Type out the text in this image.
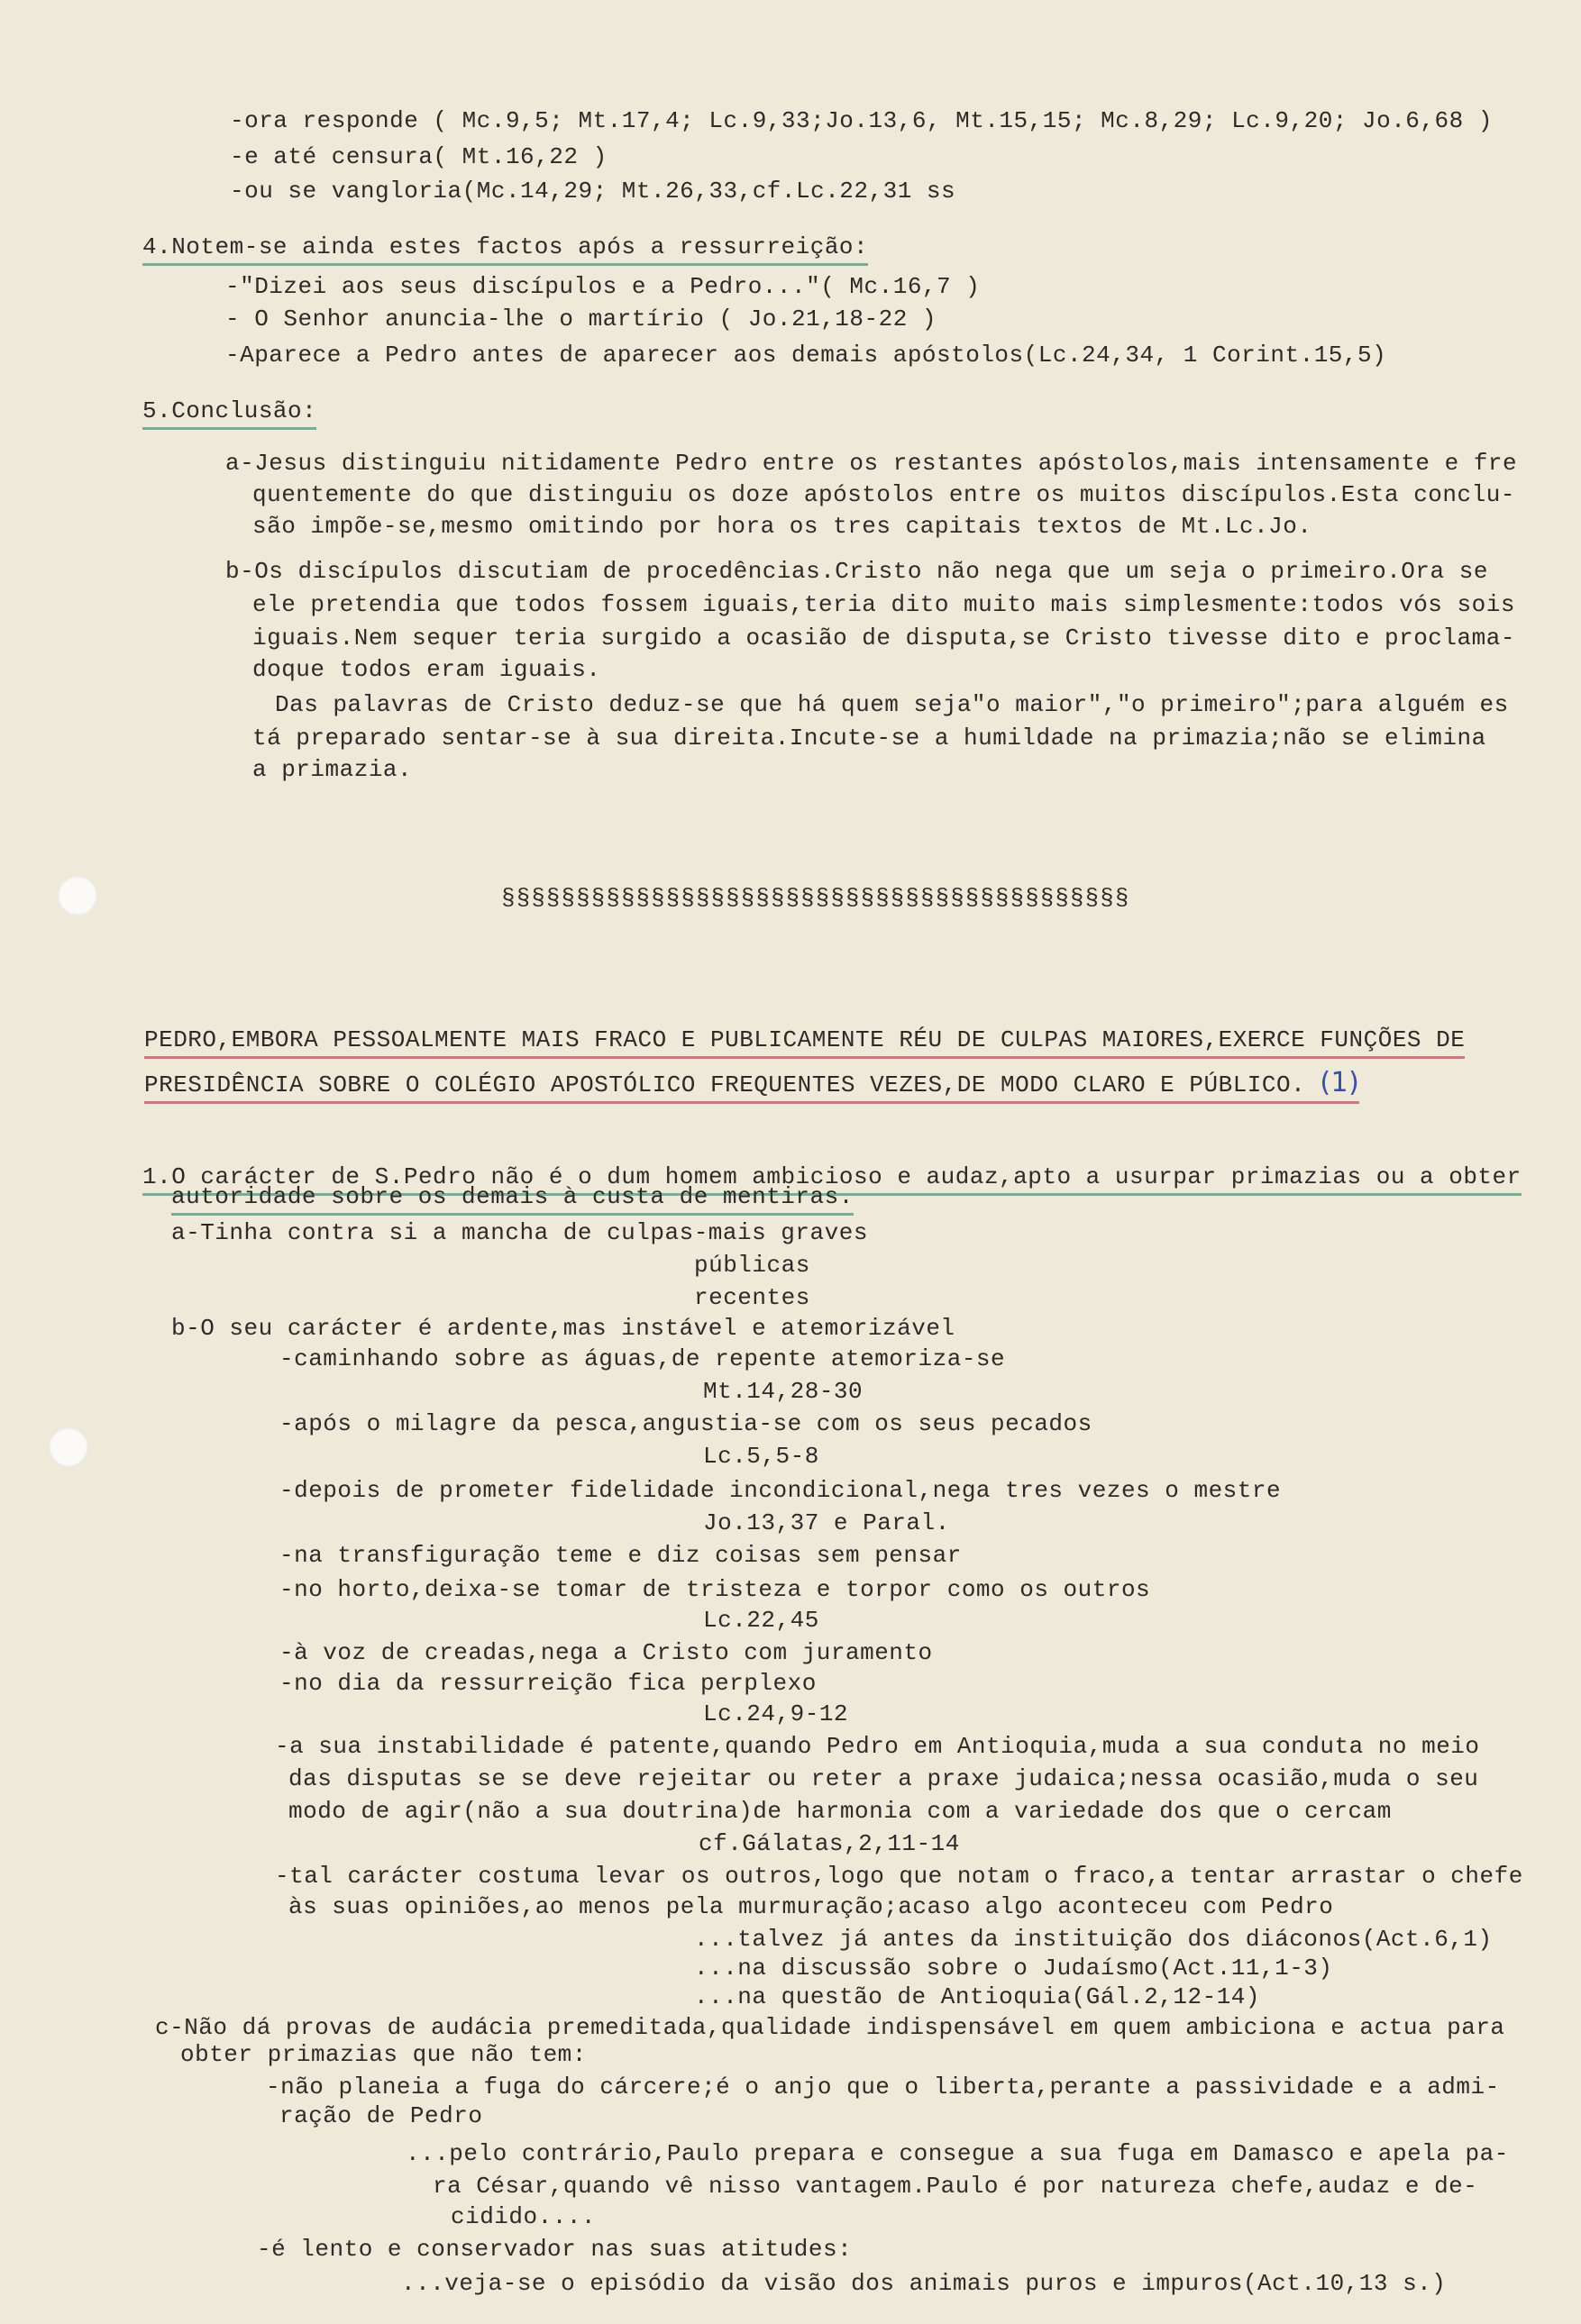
-ora responde ( Mc.9,5; Mt.17,4; Lc.9,33;Jo.13,6, Mt.15,15; Mc.8,29; Lc.9,20; Jo.6,68 )
-e até censura( Mt.16,22 )
-ou se vangloria(Mc.14,29; Mt.26,33,cf.Lc.22,31 ss
4.Notem-se ainda estes factos após a ressurreição:
-"Dizei aos seus discípulos e a Pedro..."( Mc.16,7 )
- O Senhor anuncia-lhe o martírio ( Jo.21,18-22 )
-Aparece a Pedro antes de aparecer aos demais apóstolos(Lc.24,34, 1 Corint.15,5)
5.Conclusão:
a-Jesus distinguiu nitidamente Pedro entre os restantes apóstolos,mais intensamente e fre
quentemente do que distinguiu os doze apóstolos entre os muitos discípulos.Esta conclu-
são impõe-se,mesmo omitindo por hora os tres capitais textos de Mt.Lc.Jo.
b-Os discípulos discutiam de procedências.Cristo não nega que um seja o primeiro.Ora se
ele pretendia que todos fossem iguais,teria dito muito mais simplesmente:todos vós sois
iguais.Nem sequer teria surgido a ocasião de disputa,se Cristo tivesse dito e proclama-
doque todos eram iguais.
Das palavras de Cristo deduz-se que há quem seja"o maior","o primeiro";para alguém es
tá preparado sentar-se à sua direita.Incute-se a humildade na primazia;não se elimina
a primazia.
§§§§§§§§§§§§§§§§§§§§§§§§§§§§§§§§§§§§§§§§§§
PEDRO,EMBORA PESSOALMENTE MAIS FRACO E PUBLICAMENTE RÉU DE CULPAS MAIORES,EXERCE FUNÇÕES DE
PRESIDÊNCIA SOBRE O COLÉGIO APOSTÓLICO FREQUENTES VEZES,DE MODO CLARO E PÚBLICO. (1)
1.O carácter de S.Pedro não é o dum homem ambicioso e audaz,apto a usurpar primazias ou a obter
autoridade sobre os demais à custa de mentiras.
a-Tinha contra si a mancha de culpas-mais graves
públicas
recentes
b-O seu carácter é ardente,mas instável e atemorizável
-caminhando sobre as águas,de repente atemoriza-se
Mt.14,28-30
-após o milagre da pesca,angustia-se com os seus pecados
Lc.5,5-8
-depois de prometer fidelidade incondicional,nega tres vezes o mestre
Jo.13,37 e Paral.
-na transfiguração teme e diz coisas sem pensar
-no horto,deixa-se tomar de tristeza e torpor como os outros
Lc.22,45
-à voz de creadas,nega a Cristo com juramento
-no dia da ressurreição fica perplexo
Lc.24,9-12
-a sua instabilidade é patente,quando Pedro em Antioquia,muda a sua conduta no meio
das disputas se se deve rejeitar ou reter a praxe judaica;nessa ocasião,muda o seu
modo de agir(não a sua doutrina)de harmonia com a variedade dos que o cercam
cf.Gálatas,2,11-14
-tal carácter costuma levar os outros,logo que notam o fraco,a tentar arrastar o chefe
às suas opiniões,ao menos pela murmuração;acaso algo aconteceu com Pedro
...talvez já antes da instituição dos diáconos(Act.6,1)
...na discussão sobre o Judaísmo(Act.11,1-3)
...na questão de Antioquia(Gál.2,12-14)
c-Não dá provas de audácia premeditada,qualidade indispensável em quem ambiciona e actua para
obter primazias que não tem:
-não planeia a fuga do cárcere;é o anjo que o liberta,perante a passividade e a admi-
ração de Pedro
...pelo contrário,Paulo prepara e consegue a sua fuga em Damasco e apela pa-
ra César,quando vê nisso vantagem.Paulo é por natureza chefe,audaz e de-
cidido....
-é lento e conservador nas suas atitudes:
...veja-se o episódio da visão dos animais puros e impuros(Act.10,13 s.)
